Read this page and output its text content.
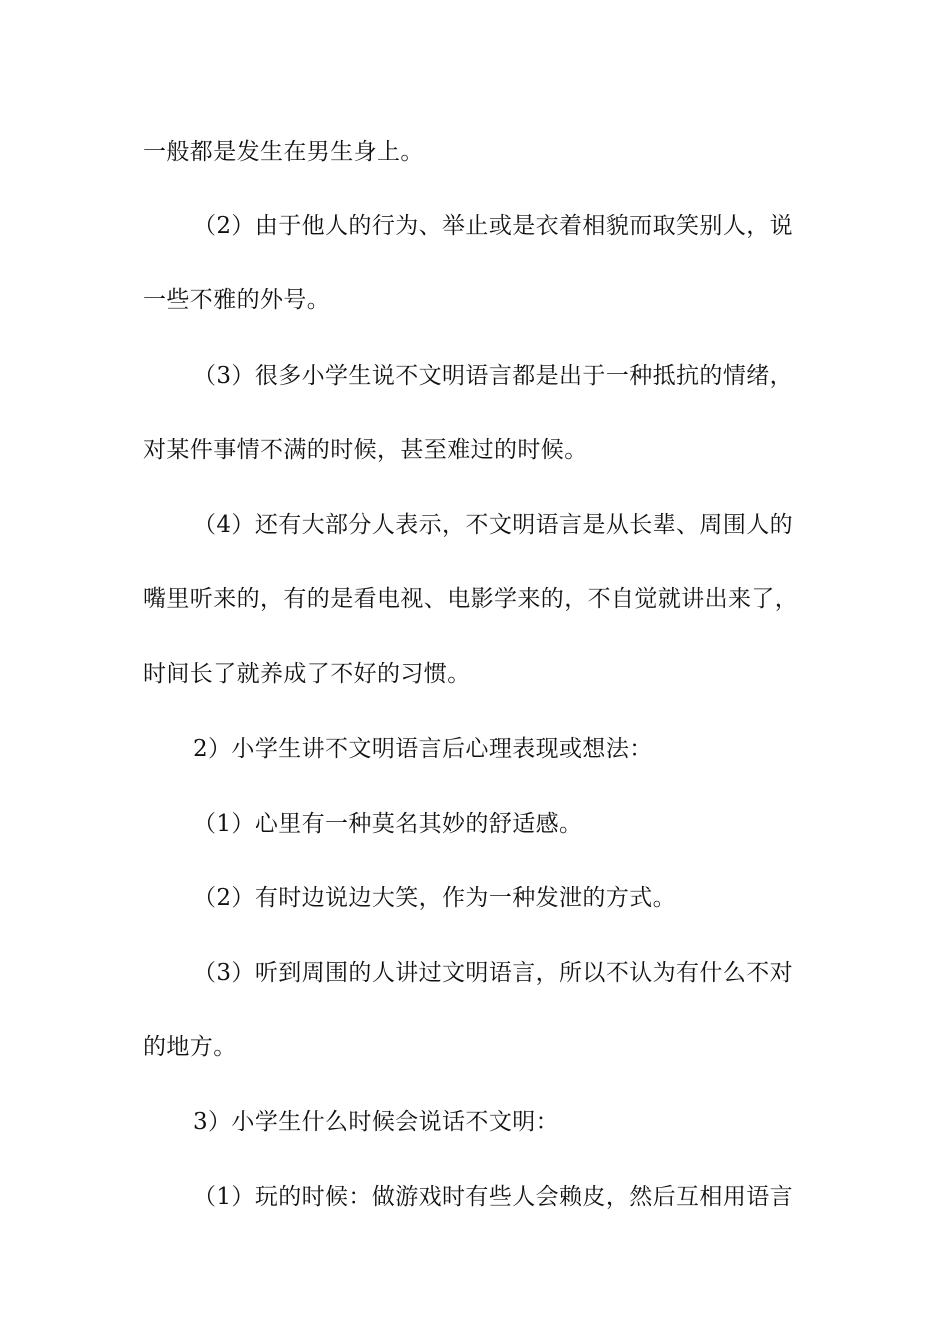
一般都是发生在男生身上。
（2）由于他人的行为、举止或是衣着相貌而取笑别人，说
一些不雅的外号。
（3）很多小学生说不文明语言都是出于一种抵抗的情绪，
对某件事情不满的时候，甚至难过的时候。
（4）还有大部分人表示，不文明语言是从长辈、周围人的
嘴里听来的，有的是看电视、电影学来的，不自觉就讲出来了，
时间长了就养成了不好的习惯。
2）小学生讲不文明语言后心理表现或想法：
（1）心里有一种莫名其妙的舒适感。
（2）有时边说边大笑，作为一种发泄的方式。
（3）听到周围的人讲过文明语言，所以不认为有什么不对
的地方。
3）小学生什么时候会说话不文明：
（1）玩的时候：做游戏时有些人会赖皮，然后互相用语言
